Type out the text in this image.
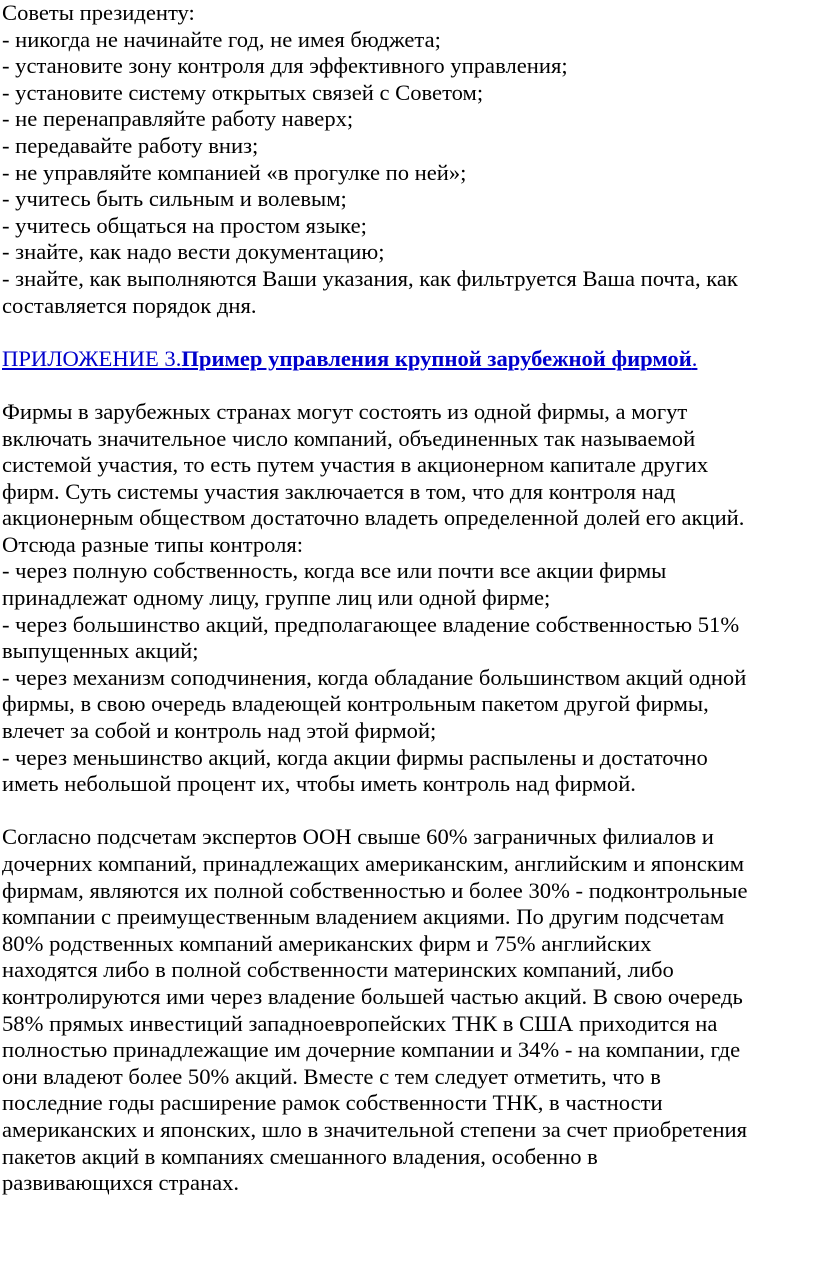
Советы президенту:
- никогда не начинайте год, не имея бюджета;
- установите зону контроля для эффективного управления;
- установите систему открытых связей с Советом;
- не перенаправляйте работу наверх;
- передавайте работу вниз;
- не управляйте компанией «в прогулке по ней»;
- учитесь быть сильным и волевым;
- учитесь общаться на простом языке;
- знайте, как надо вести документацию;
- знайте, как выполняются Ваши указания, как фильтруется Ваша почта, как
составляется порядок дня.
ПРИЛОЖЕНИЕ 3.Пример управления крупной зарубежной фирмой.
Фирмы в зарубежных странах могут состоять из одной фирмы, а могут
включать значительное число компаний, объединенных так называемой
системой участия, то есть путем участия в акционерном капитале других
фирм. Суть системы участия заключается в том, что для контроля над
акционерным обществом достаточно владеть определенной долей его акций.
Отсюда разные типы контроля:
- через полную собственность, когда все или почти все акции фирмы
принадлежат одному лицу, группе лиц или одной фирме;
- через большинство акций, предполагающее владение собственностью 51%
выпущенных акций;
- через механизм соподчинения, когда обладание большинством акций одной
фирмы, в свою очередь владеющей контрольным пакетом другой фирмы,
влечет за собой и контроль над этой фирмой;
- через меньшинство акций, когда акции фирмы распылены и достаточно
иметь небольшой процент их, чтобы иметь контроль над фирмой.
Согласно подсчетам экспертов ООН свыше 60% заграничных филиалов и
дочерних компаний, принадлежащих американским, английским и японским
фирмам, являются их полной собственностью и более 30% - подконтрольные
компании с преимущественным владением акциями. По другим подсчетам
80% родственных компаний американских фирм и 75% английских
находятся либо в полной собственности материнских компаний, либо
контролируются ими через владение большей частью акций. В свою очередь
58% прямых инвестиций западноевропейских ТНК в США приходится на
полностью принадлежащие им дочерние компании и 34% - на компании, где
они владеют более 50% акций. Вместе с тем следует отметить, что в
последние годы расширение рамок собственности ТНК, в частности
американских и японских, шло в значительной степени за счет приобретения
пакетов акций в компаниях смешанного владения, особенно в
развивающихся странах.
